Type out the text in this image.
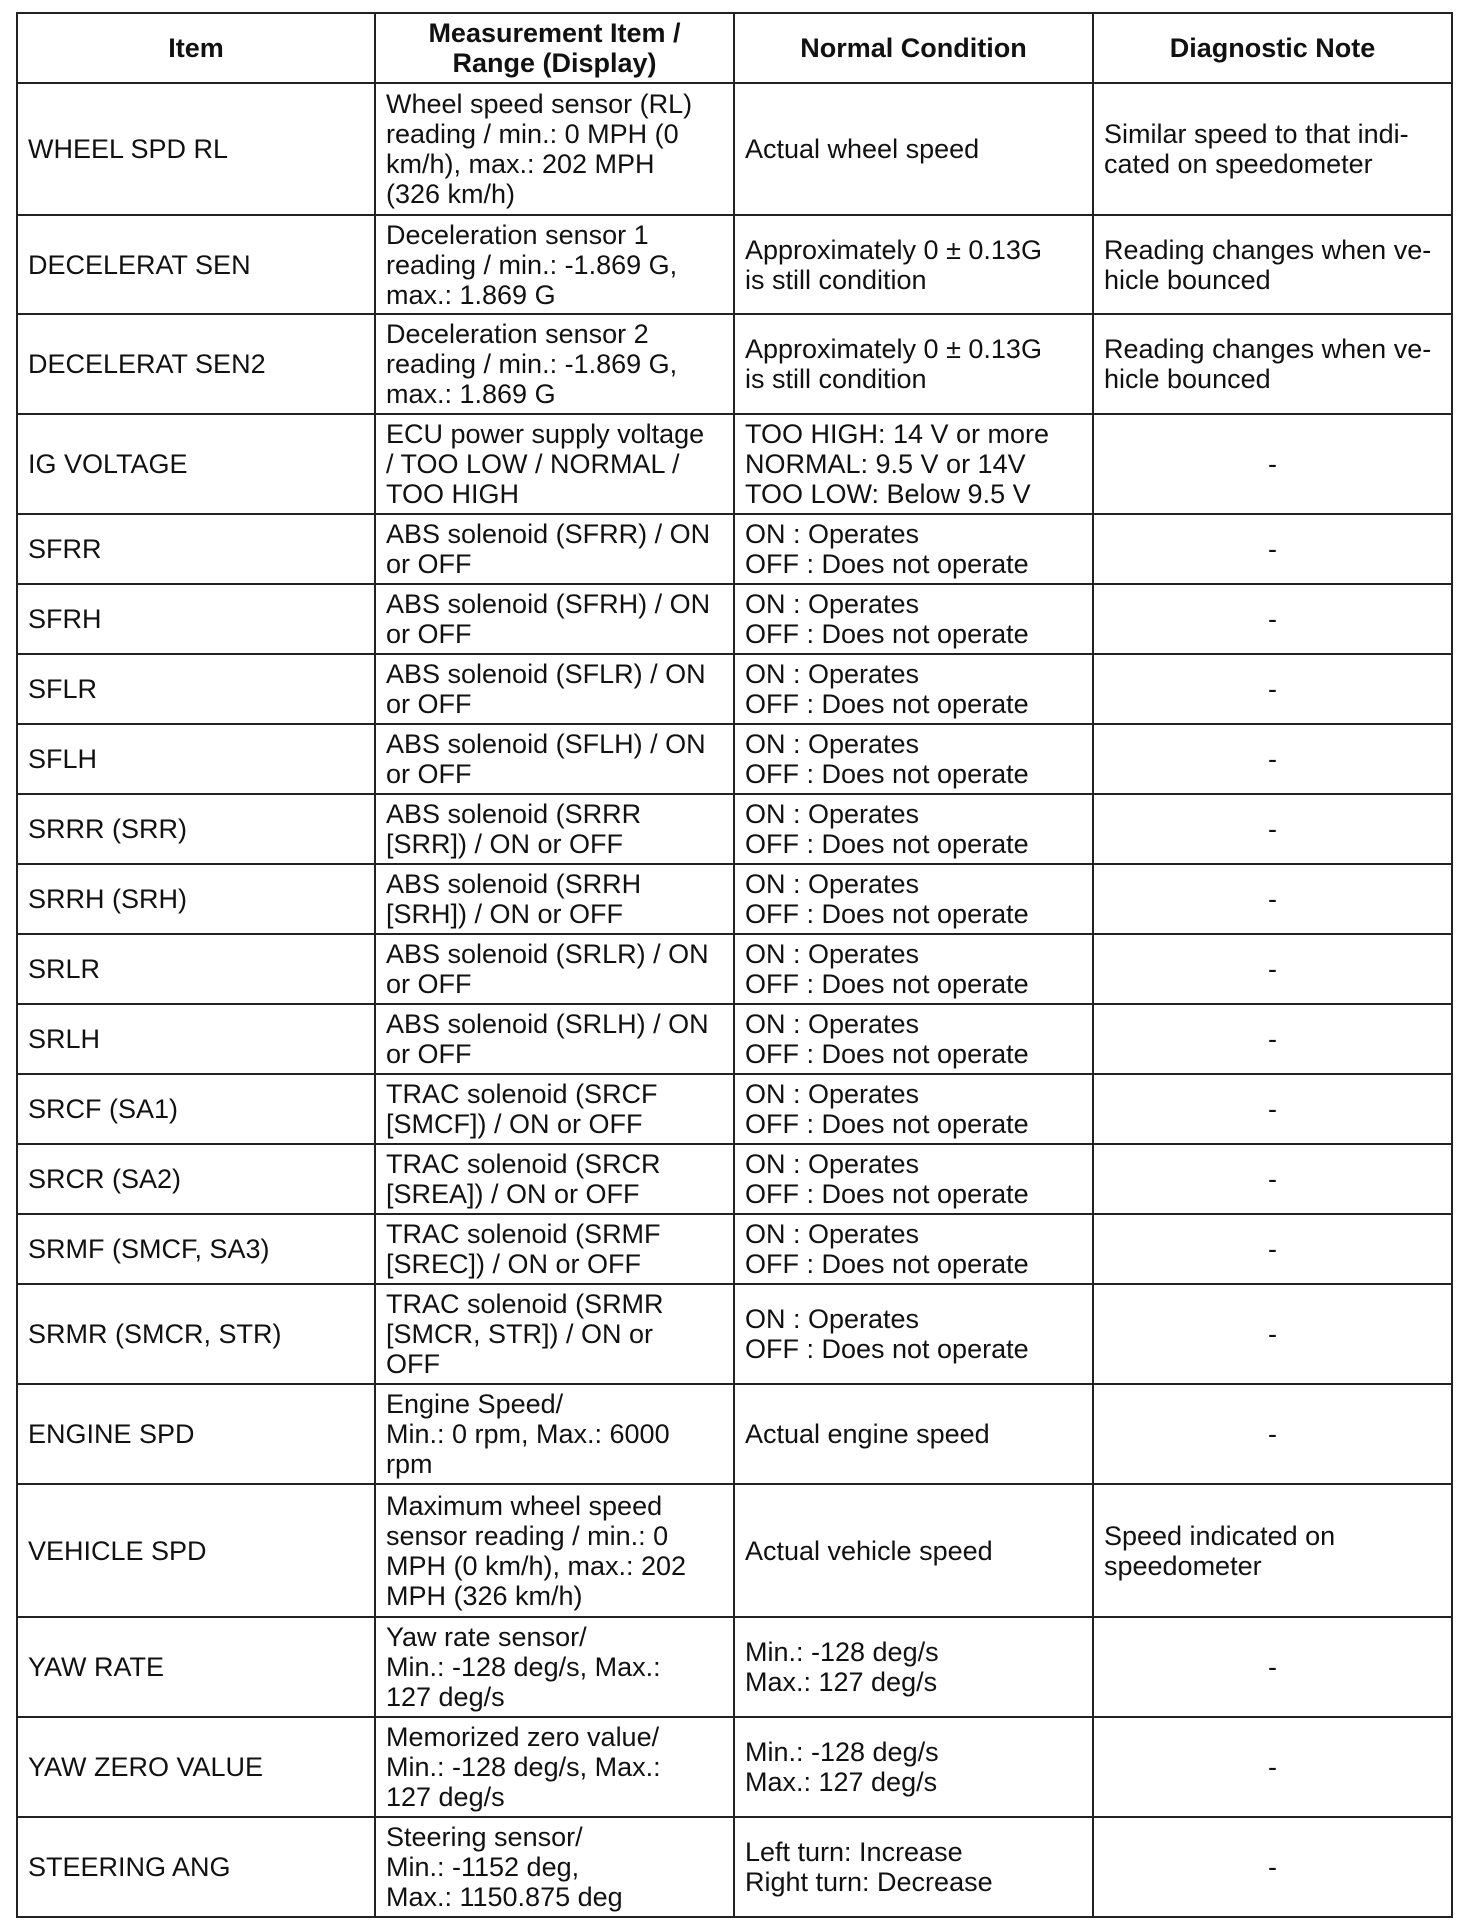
Item	Measurement Item /
Range (Display)	Normal Condition	Diagnostic Note
WHEEL SPD RL	Wheel speed sensor (RL)
reading / min.: 0 MPH (0
km/h), max.: 202 MPH
(326 km/h)	Actual wheel speed	Similar speed to that indi-
cated on speedometer
DECELERAT SEN	Deceleration sensor 1
reading / min.: -1.869 G,
max.: 1.869 G	Approximately 0 ± 0.13G
is still condition	Reading changes when ve-
hicle bounced
DECELERAT SEN2	Deceleration sensor 2
reading / min.: -1.869 G,
max.: 1.869 G	Approximately 0 ± 0.13G
is still condition	Reading changes when ve-
hicle bounced
IG VOLTAGE	ECU power supply voltage
/ TOO LOW / NORMAL /
TOO HIGH	TOO HIGH: 14 V or more
NORMAL: 9.5 V or 14V
TOO LOW: Below 9.5 V	-
SFRR	ABS solenoid (SFRR) / ON
or OFF	ON : Operates
OFF : Does not operate	-
SFRH	ABS solenoid (SFRH) / ON
or OFF	ON : Operates
OFF : Does not operate	-
SFLR	ABS solenoid (SFLR) / ON
or OFF	ON : Operates
OFF : Does not operate	-
SFLH	ABS solenoid (SFLH) / ON
or OFF	ON : Operates
OFF : Does not operate	-
SRRR (SRR)	ABS solenoid (SRRR
[SRR]) / ON or OFF	ON : Operates
OFF : Does not operate	-
SRRH (SRH)	ABS solenoid (SRRH
[SRH]) / ON or OFF	ON : Operates
OFF : Does not operate	-
SRLR	ABS solenoid (SRLR) / ON
or OFF	ON : Operates
OFF : Does not operate	-
SRLH	ABS solenoid (SRLH) / ON
or OFF	ON : Operates
OFF : Does not operate	-
SRCF (SA1)	TRAC solenoid (SRCF
[SMCF]) / ON or OFF	ON : Operates
OFF : Does not operate	-
SRCR (SA2)	TRAC solenoid (SRCR
[SREA]) / ON or OFF	ON : Operates
OFF : Does not operate	-
SRMF (SMCF, SA3)	TRAC solenoid (SRMF
[SREC]) / ON or OFF	ON : Operates
OFF : Does not operate	-
SRMR (SMCR, STR)	TRAC solenoid (SRMR
[SMCR, STR]) / ON or
OFF	ON : Operates
OFF : Does not operate	-
ENGINE SPD	Engine Speed/
Min.: 0 rpm, Max.: 6000
rpm	Actual engine speed	-
VEHICLE SPD	Maximum wheel speed
sensor reading / min.: 0
MPH (0 km/h), max.: 202
MPH (326 km/h)	Actual vehicle speed	Speed indicated on
speedometer
YAW RATE	Yaw rate sensor/
Min.: -128 deg/s, Max.:
127 deg/s	Min.: -128 deg/s
Max.: 127 deg/s	-
YAW ZERO VALUE	Memorized zero value/
Min.: -128 deg/s, Max.:
127 deg/s	Min.: -128 deg/s
Max.: 127 deg/s	-
STEERING ANG	Steering sensor/
Min.: -1152 deg,
Max.: 1150.875 deg	Left turn: Increase
Right turn: Decrease	-
